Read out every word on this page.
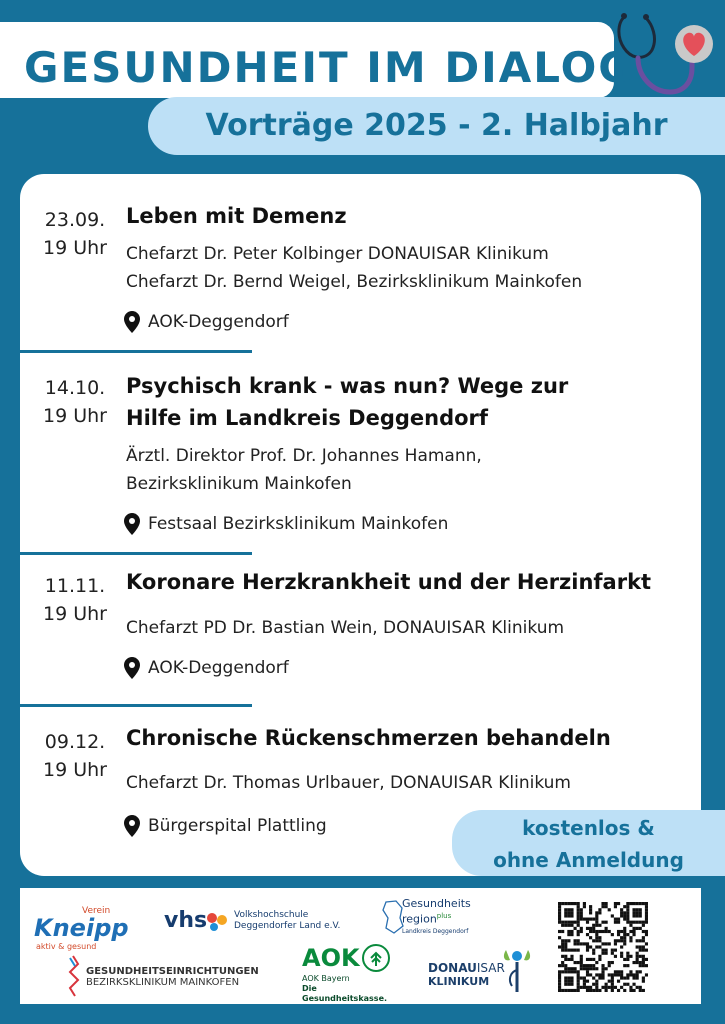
GESUNDHEIT IM DIALOG
Vorträge 2025 - 2. Halbjahr
23.09.
19 Uhr
Leben mit Demenz
Chefarzt Dr. Peter Kolbinger DONAUISAR Klinikum
Chefarzt Dr. Bernd Weigel, Bezirksklinikum Mainkofen
AOK-Deggendorf
14.10.
19 Uhr
Psychisch krank - was nun? Wege zur
Hilfe im Landkreis Deggendorf
Ärztl. Direktor Prof. Dr. Johannes Hamann,
Bezirksklinikum Mainkofen
Festsaal Bezirksklinikum Mainkofen
11.11.
19 Uhr
Koronare Herzkrankheit und der Herzinfarkt
Chefarzt PD Dr. Bastian Wein, DONAUISAR Klinikum
AOK-Deggendorf
09.12.
19 Uhr
Chronische Rückenschmerzen behandeln
Chefarzt Dr. Thomas Urlbauer, DONAUISAR Klinikum
Bürgerspital Plattling	kostenlos &
ohne Anmeldung
Verein
Kneipp
aktiv & gesund
vhs	Volkshochschule
Deggendorfer Land e.V.
Gesundheits
region$^{plus}$
Landkreis Deggendorf
GESUNDHEITSEINRICHTUNGEN
BEZIRKSKLINIKUM MAINKOFEN
AOK
AOK Bayern
Die Gesundheitskasse.
DONAUISAR
KLINIKUM
